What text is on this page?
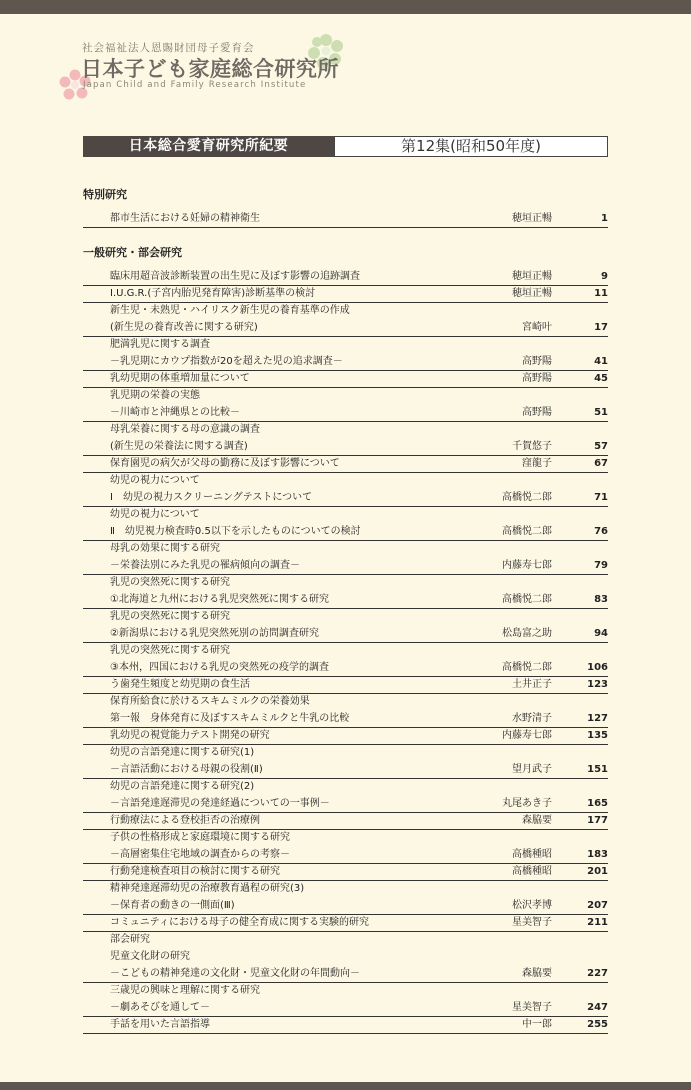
社会福祉法人恩賜財団母子愛育会
日本子ども家庭総合研究所
Japan Child and Family Research Institute
日本総合愛育研究所紀要	第12集(昭和50年度)
特別研究
都市生活における妊婦の精神衛生	穂垣正暢	1
一般研究・部会研究
臨床用超音波診断装置の出生児に及ぼす影響の追跡調査	穂垣正暢	9
I.U.G.R.(子宮内胎児発育障害)診断基準の検討	穂垣正暢	11
新生児・未熟児・ハイリスク新生児の養育基準の作成
(新生児の養育改善に関する研究)	宮崎叶	17
肥満乳児に関する調査
－乳児期にカウプ指数が20を超えた児の追求調査－	高野陽	41
乳幼児期の体重増加量について	高野陽	45
乳児期の栄養の実態
－川崎市と沖縄県との比較－	高野陽	51
母乳栄養に関する母の意識の調査
(新生児の栄養法に関する調査)	千賀悠子	57
保育園児の病欠が父母の勤務に及ぼす影響について	窪龍子	67
幼児の視力について
Ⅰ　幼児の視力スクリーニングテストについて	高橋悦二郎	71
幼児の視力について
Ⅱ　幼児視力検査時0.5以下を示したものについての検討	高橋悦二郎	76
母乳の効果に関する研究
－栄養法別にみた乳児の罹病傾向の調査－	内藤寿七郎	79
乳児の突然死に関する研究
①北海道と九州における乳児突然死に関する研究	高橋悦二郎	83
乳児の突然死に関する研究
②新潟県における乳児突然死別の訪問調査研究	松島富之助	94
乳児の突然死に関する研究
③本州，四国における乳児の突然死の疫学的調査	高橋悦二郎	106
う歯発生頻度と幼児期の食生活	土井正子	123
保育所給食に於けるスキムミルクの栄養効果
第一報　身体発育に及ぼすスキムミルクと牛乳の比較	水野清子	127
乳幼児の視覚能力テスト開発の研究	内藤寿七郎	135
幼児の言語発達に関する研究(1)
－言語活動における母親の役割(Ⅱ)	望月武子	151
幼児の言語発達に関する研究(2)
－言語発達遅滞児の発達経過についての一事例－	丸尾あき子	165
行動療法による登校拒否の治療例	森脇要	177
子供の性格形成と家庭環境に関する研究
－高層密集住宅地域の調査からの考察－	高橋種昭	183
行動発達検査項目の検討に関する研究	高橋種昭	201
精神発達遅滞幼児の治療教育過程の研究(3)
－保育者の動きの一側面(Ⅲ)	松沢孝博	207
コミュニティにおける母子の健全育成に関する実験的研究	星美智子	211
部会研究
児童文化財の研究
－こどもの精神発達の文化財・児童文化財の年間動向－	森脇要	227
三歳児の興味と理解に関する研究
－劇あそびを通して－	星美智子	247
手話を用いた言語指導	中一郎	255
